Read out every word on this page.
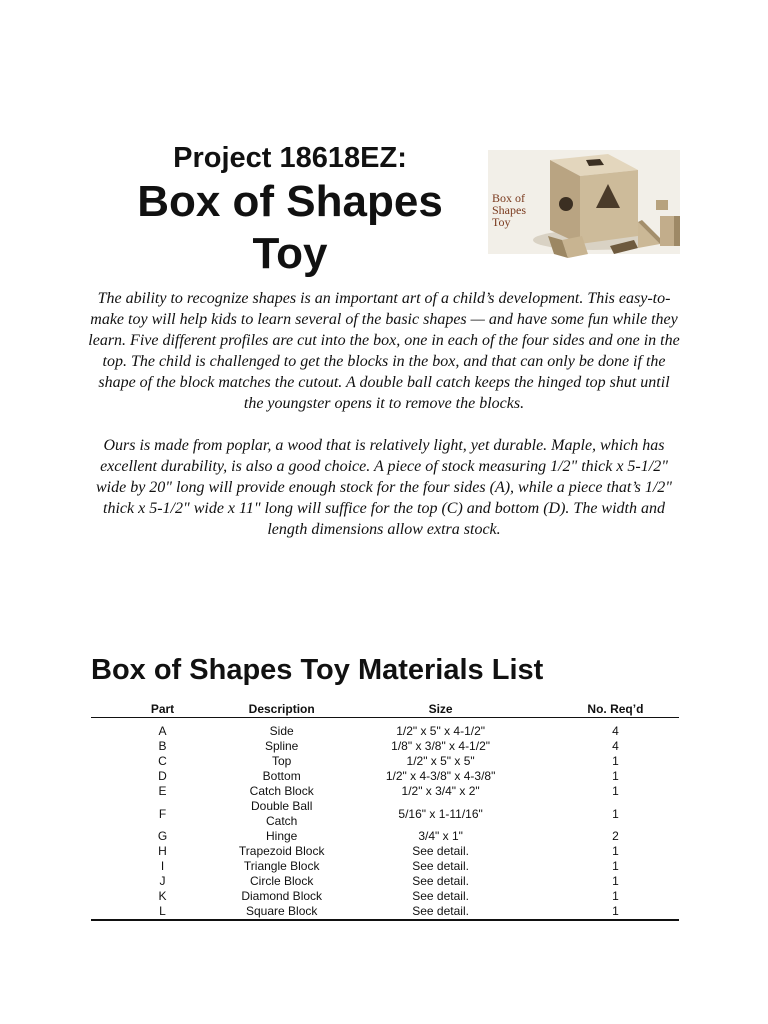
Project 18618EZ:
Box of Shapes
Toy
Box of
Shapes
Toy

The ability to recognize shapes is an important art of a child’s development. This easy-to-make toy will help kids to learn several of the basic shapes — and have some fun while they learn. Five different profiles are cut into the box, one in each of the four sides and one in the top. The child is challenged to get the blocks in the box, and that can only be done if the shape of the block matches the cutout. A double ball catch keeps the hinged top shut until the youngster opens it to remove the blocks.

Ours is made from poplar, a wood that is relatively light, yet durable. Maple, which has excellent durability, is also a good choice. A piece of stock measuring 1/2" thick x 5-1/2" wide by 20" long will provide enough stock for the four sides (A), while a piece that’s 1/2" thick x 5-1/2" wide x 11" long will suffice for the top (C) and bottom (D). The width and length dimensions allow extra stock.

Box of Shapes Toy Materials List
Part	Description	Size	No. Req’d

A	Side	1/2" x 5" x 4-1/2"	4
B	Spline	1/8" x 3/8" x 4-1/2"	4
C	Top	1/2" x 5" x 5"	1
D	Bottom	1/2" x 4-3/8" x 4-3/8"	1
E	Catch Block	1/2" x 3/4" x 2"	1
F	Double Ball Catch	5/16" x 1-11/16"	1
G	Hinge	3/4" x 1"	2
H	Trapezoid Block	See detail.	1
I	Triangle Block	See detail.	1
J	Circle Block	See detail.	1
K	Diamond Block	See detail.	1
L	Square Block	See detail.	1
